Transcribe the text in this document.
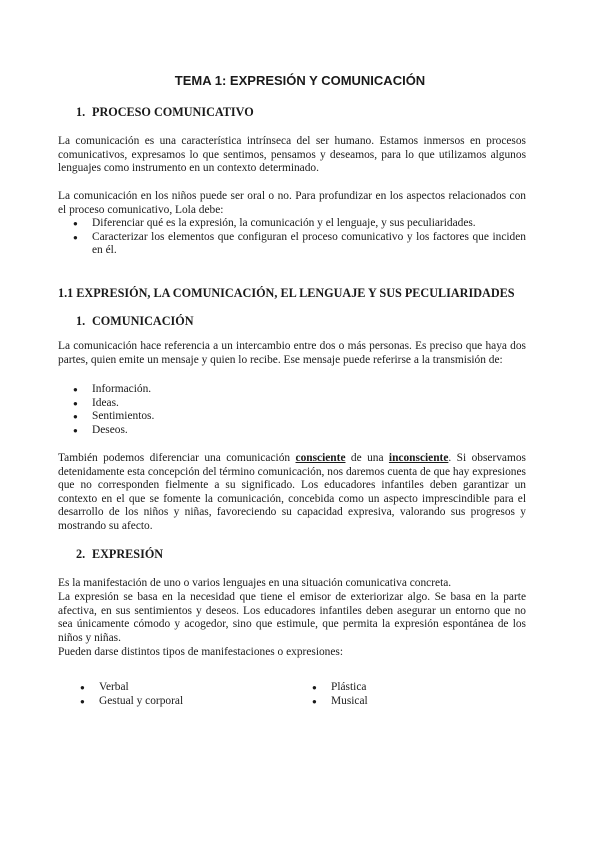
TEMA 1: EXPRESIÓN Y COMUNICACIÓN
1. PROCESO COMUNICATIVO

La comunicación es una característica intrínseca del ser humano. Estamos inmersos en procesos comunicativos, expresamos lo que sentimos, pensamos y deseamos, para lo que utilizamos algunos lenguajes como instrumento en un contexto determinado.

La comunicación en los niños puede ser oral o no. Para profundizar en los aspectos relacionados con el proceso comunicativo, Lola debe:

● Diferenciar qué es la expresión, la comunicación y el lenguaje, y sus peculiaridades.
● Caracterizar los elementos que configuran el proceso comunicativo y los factores que inciden en él.
1.1 EXPRESIÓN, LA COMUNICACIÓN, EL LENGUAJE Y SUS PECULIARIDADES
1. COMUNICACIÓN

La comunicación hace referencia a un intercambio entre dos o más personas. Es preciso que haya dos partes, quien emite un mensaje y quien lo recibe. Ese mensaje puede referirse a la transmisión de:

● Información.
● Ideas.
● Sentimientos.
● Deseos.

También podemos diferenciar una comunicación consciente de una inconsciente. Si observamos detenidamente esta concepción del término comunicación, nos daremos cuenta de que hay expresiones que no corresponden fielmente a su significado. Los educadores infantiles deben garantizar un contexto en el que se fomente la comunicación, concebida como un aspecto imprescindible para el desarrollo de los niños y niñas, favoreciendo su capacidad expresiva, valorando sus progresos y mostrando su afecto.

2. EXPRESIÓN

Es la manifestación de uno o varios lenguajes en una situación comunicativa concreta.

La expresión se basa en la necesidad que tiene el emisor de exteriorizar algo. Se basa en la parte afectiva, en sus sentimientos y deseos. Los educadores infantiles deben asegurar un entorno que no sea únicamente cómodo y acogedor, sino que estimule, que permita la expresión espontánea de los niños y niñas.

Pueden darse distintos tipos de manifestaciones o expresiones:

● Verbal
● Gestual y corporal
● Plástica
● Musical
